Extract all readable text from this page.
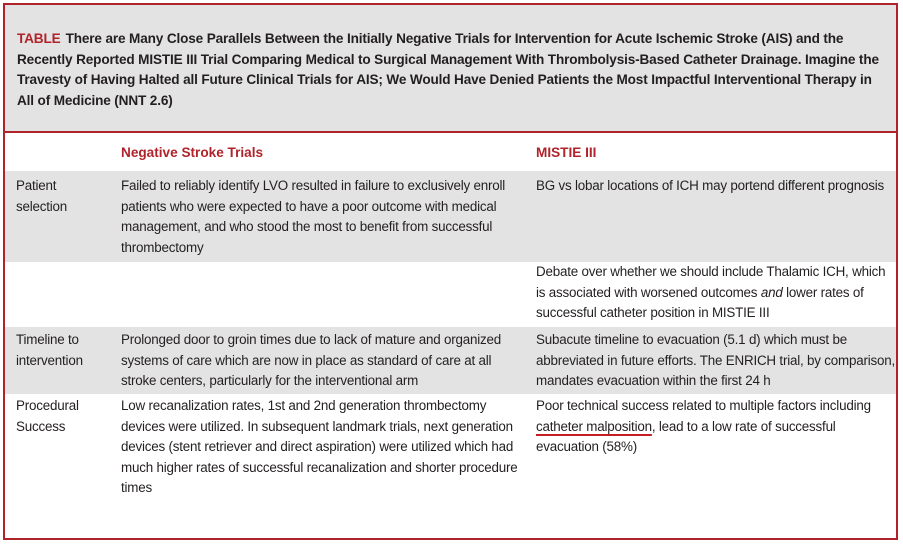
TABLE There are Many Close Parallels Between the Initially Negative Trials for Intervention for Acute Ischemic Stroke (AIS) and the Recently Reported MISTIE III Trial Comparing Medical to Surgical Management With Thrombolysis-Based Catheter Drainage. Imagine the Travesty of Having Halted all Future Clinical Trials for AIS; We Would Have Denied Patients the Most Impactful Interventional Therapy in All of Medicine (NNT 2.6)
Negative Stroke Trials	MISTIE III
Patient selection
Failed to reliably identify LVO resulted in failure to exclusively enroll patients who were expected to have a poor outcome with medical management, and who stood the most to benefit from successful thrombectomy
BG vs lobar locations of ICH may portend different prognosis
Debate over whether we should include Thalamic ICH, which is associated with worsened outcomes and lower rates of successful catheter position in MISTIE III
Timeline to intervention
Prolonged door to groin times due to lack of mature and organized systems of care which are now in place as standard of care at all stroke centers, particularly for the interventional arm
Subacute timeline to evacuation (5.1 d) which must be abbreviated in future efforts. The ENRICH trial, by comparison, mandates evacuation within the first 24 h
Procedural Success
Low recanalization rates, 1st and 2nd generation thrombectomy devices were utilized. In subsequent landmark trials, next generation devices (stent retriever and direct aspiration) were utilized which had much higher rates of successful recanalization and shorter procedure times
Poor technical success related to multiple factors including catheter malposition, lead to a low rate of successful evacuation (58%)
